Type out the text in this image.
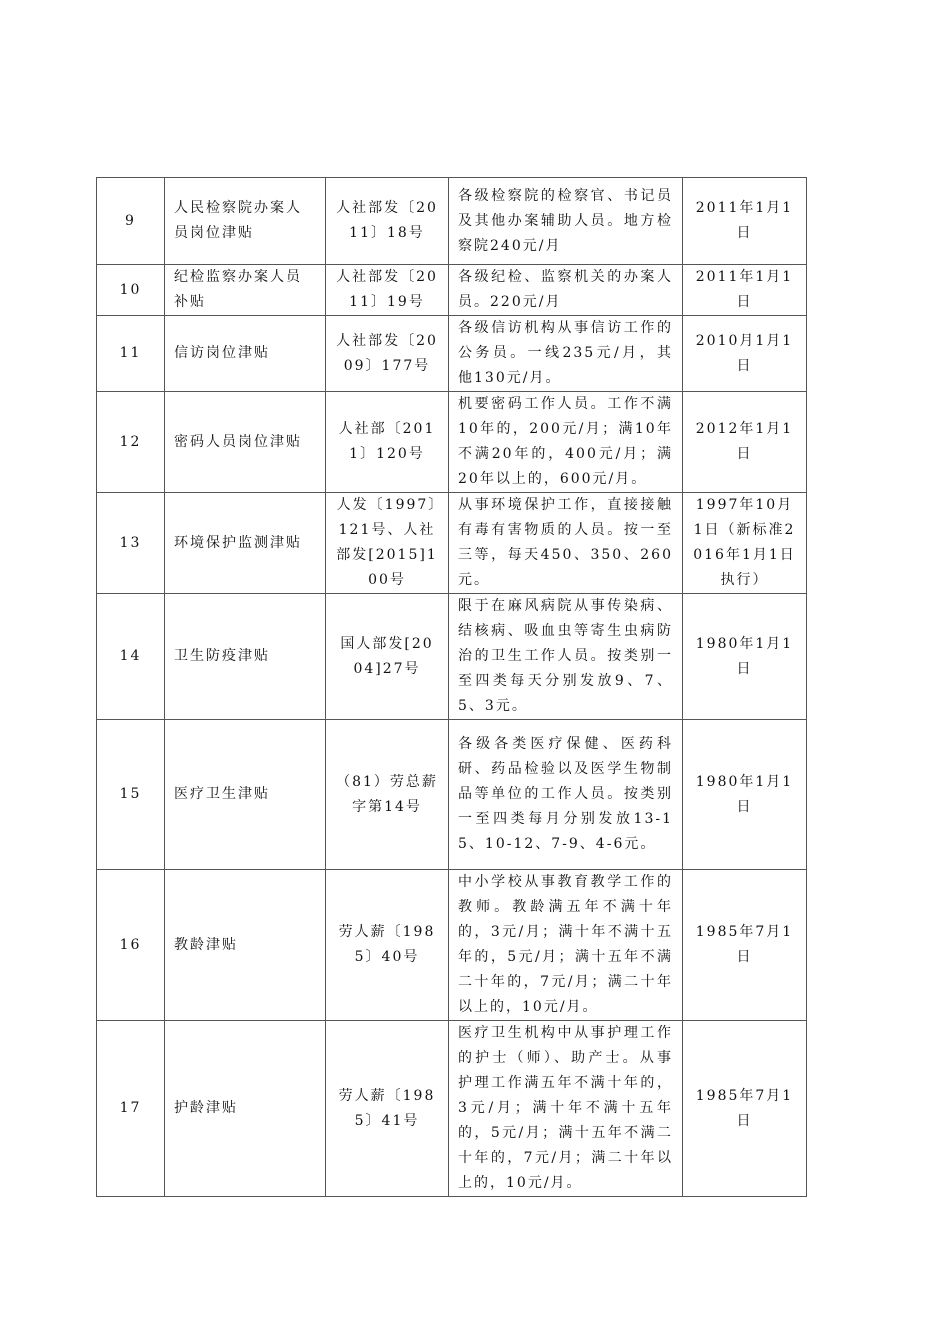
9	人民检察院办案人员岗位津贴	人社部发〔2011〕18号	各级检察院的检察官、书记员及其他办案辅助人员。地方检察院240元/月	2011年1月1日
10	纪检监察办案人员补贴	人社部发〔2011〕19号	各级纪检、监察机关的办案人员。220元/月	2011年1月1日
11	信访岗位津贴	人社部发〔2009〕177号	各级信访机构从事信访工作的公务员。一线235元/月，其他130元/月。	2010月1月1日
12	密码人员岗位津贴	人社部〔2011〕120号	机要密码工作人员。工作不满10年的，200元/月；满10年不满20年的，400元/月；满20年以上的，600元/月。	2012年1月1日
13	环境保护监测津贴	人发〔1997〕121号、人社部发[2015]100号	从事环境保护工作，直接接触有毒有害物质的人员。按一至三等，每天450、350、260元。	1997年10月1日（新标准2016年1月1日执行）
14	卫生防疫津贴	国人部发[2004]27号	限于在麻风病院从事传染病、结核病、吸血虫等寄生虫病防治的卫生工作人员。按类别一至四类每天分别发放9、7、5、3元。	1980年1月1日
15	医疗卫生津贴	（81）劳总薪字第14号	各级各类医疗保健、医药科研、药品检验以及医学生物制品等单位的工作人员。按类别一至四类每月分别发放13-15、10-12、7-9、4-6元。	1980年1月1日
16	教龄津贴	劳人薪〔1985〕40号	中小学校从事教育教学工作的教师。教龄满五年不满十年的，3元/月；满十年不满十五年的，5元/月；满十五年不满二十年的，7元/月；满二十年以上的，10元/月。	1985年7月1日
17	护龄津贴	劳人薪〔1985〕41号	医疗卫生机构中从事护理工作的护士（师）、助产士。从事护理工作满五年不满十年的，3元/月；满十年不满十五年的，5元/月；满十五年不满二十年的，7元/月；满二十年以上的，10元/月。	1985年7月1日
